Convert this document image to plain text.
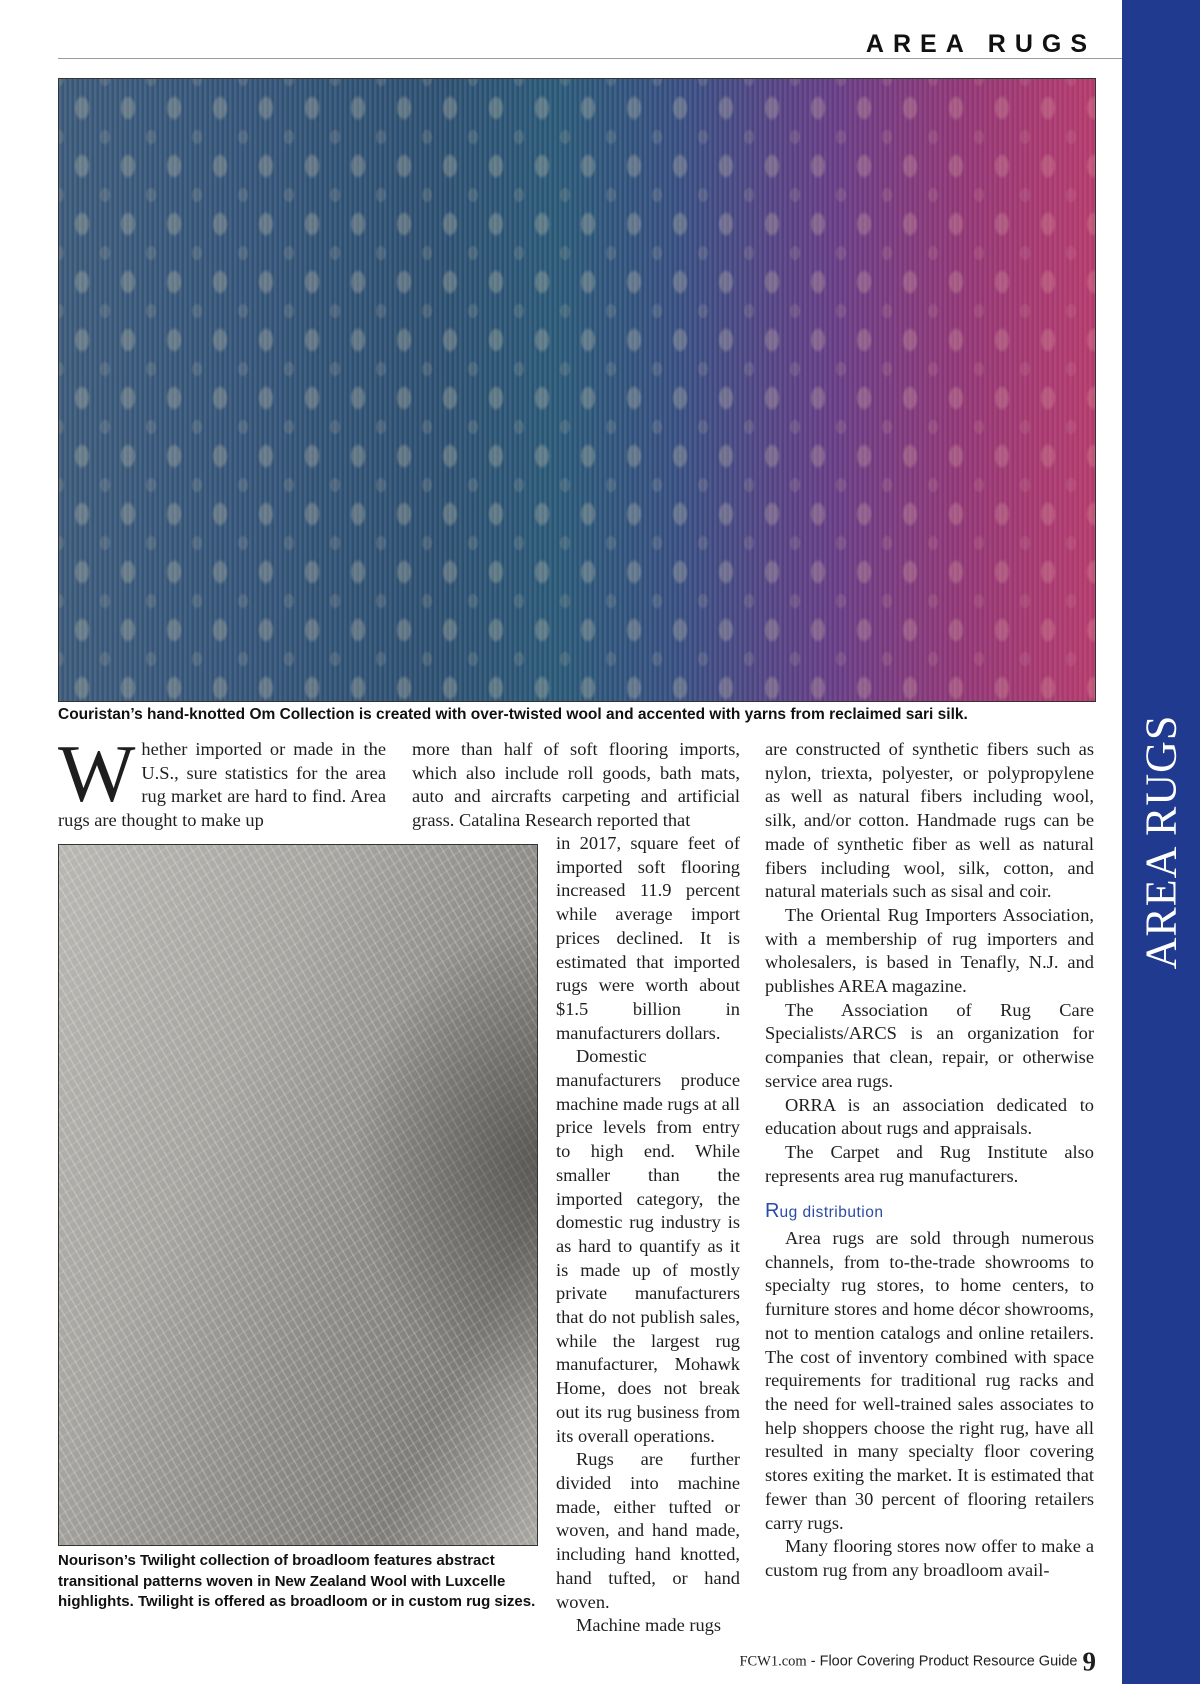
AREA RUGS
AREA RUGS
Couristan’s hand-knotted Om Collection is created with over-twisted wool and accented with yarns from reclaimed sari silk.
W hether imported or made in the U.S., sure statistics for the area rug market are hard to find. Area rugs are thought to make up

Nourison’s Twilight collection of broadloom features abstract transitional patterns woven in New Zealand Wool with Luxcelle highlights. Twilight is offered as broadloom or in custom rug sizes.

more than half of soft flooring imports, which also include roll goods, bath mats, auto and aircrafts carpeting and artificial grass. Catalina Research reported that

in 2017, square feet of imported soft flooring increased 11.9 percent while average import prices declined. It is estimated that imported rugs were worth about $1.5 billion in manufacturers dollars.

Domestic manufacturers produce machine made rugs at all price levels from entry to high end. While smaller than the imported category, the domestic rug industry is as hard to quantify as it is made up of mostly private manufacturers that do not publish sales, while the largest rug manufacturer, Mohawk Home, does not break out its rug business from its overall operations.

Rugs are further divided into machine made, either tufted or woven, and hand made, including hand knotted, hand tufted, or hand woven.

Machine made rugs

are constructed of synthetic fibers such as nylon, triexta, polyester, or polypropylene as well as natural fibers including wool, silk, and/or cotton. Handmade rugs can be made of synthetic fiber as well as natural fibers including wool, silk, cotton, and natural materials such as sisal and coir.

The Oriental Rug Importers Association, with a membership of rug importers and wholesalers, is based in Tenafly, N.J. and publishes AREA magazine.

The Association of Rug Care Specialists/ARCS is an organization for companies that clean, repair, or otherwise service area rugs.

ORRA is an association dedicated to education about rugs and appraisals.

The Carpet and Rug Institute also represents area rug manufacturers.

Rug distribution

Area rugs are sold through numerous channels, from to-the-trade showrooms to specialty rug stores, to home centers, to furniture stores and home décor showrooms, not to mention catalogs and online retailers. The cost of inventory combined with space requirements for traditional rug racks and the need for well-trained sales associates to help shoppers choose the right rug, have all resulted in many specialty floor covering stores exiting the market. It is estimated that fewer than 30 percent of flooring retailers carry rugs.

Many flooring stores now offer to make a custom rug from any broadloom avail-

FCW1.com - Floor Covering Product Resource Guide 9
